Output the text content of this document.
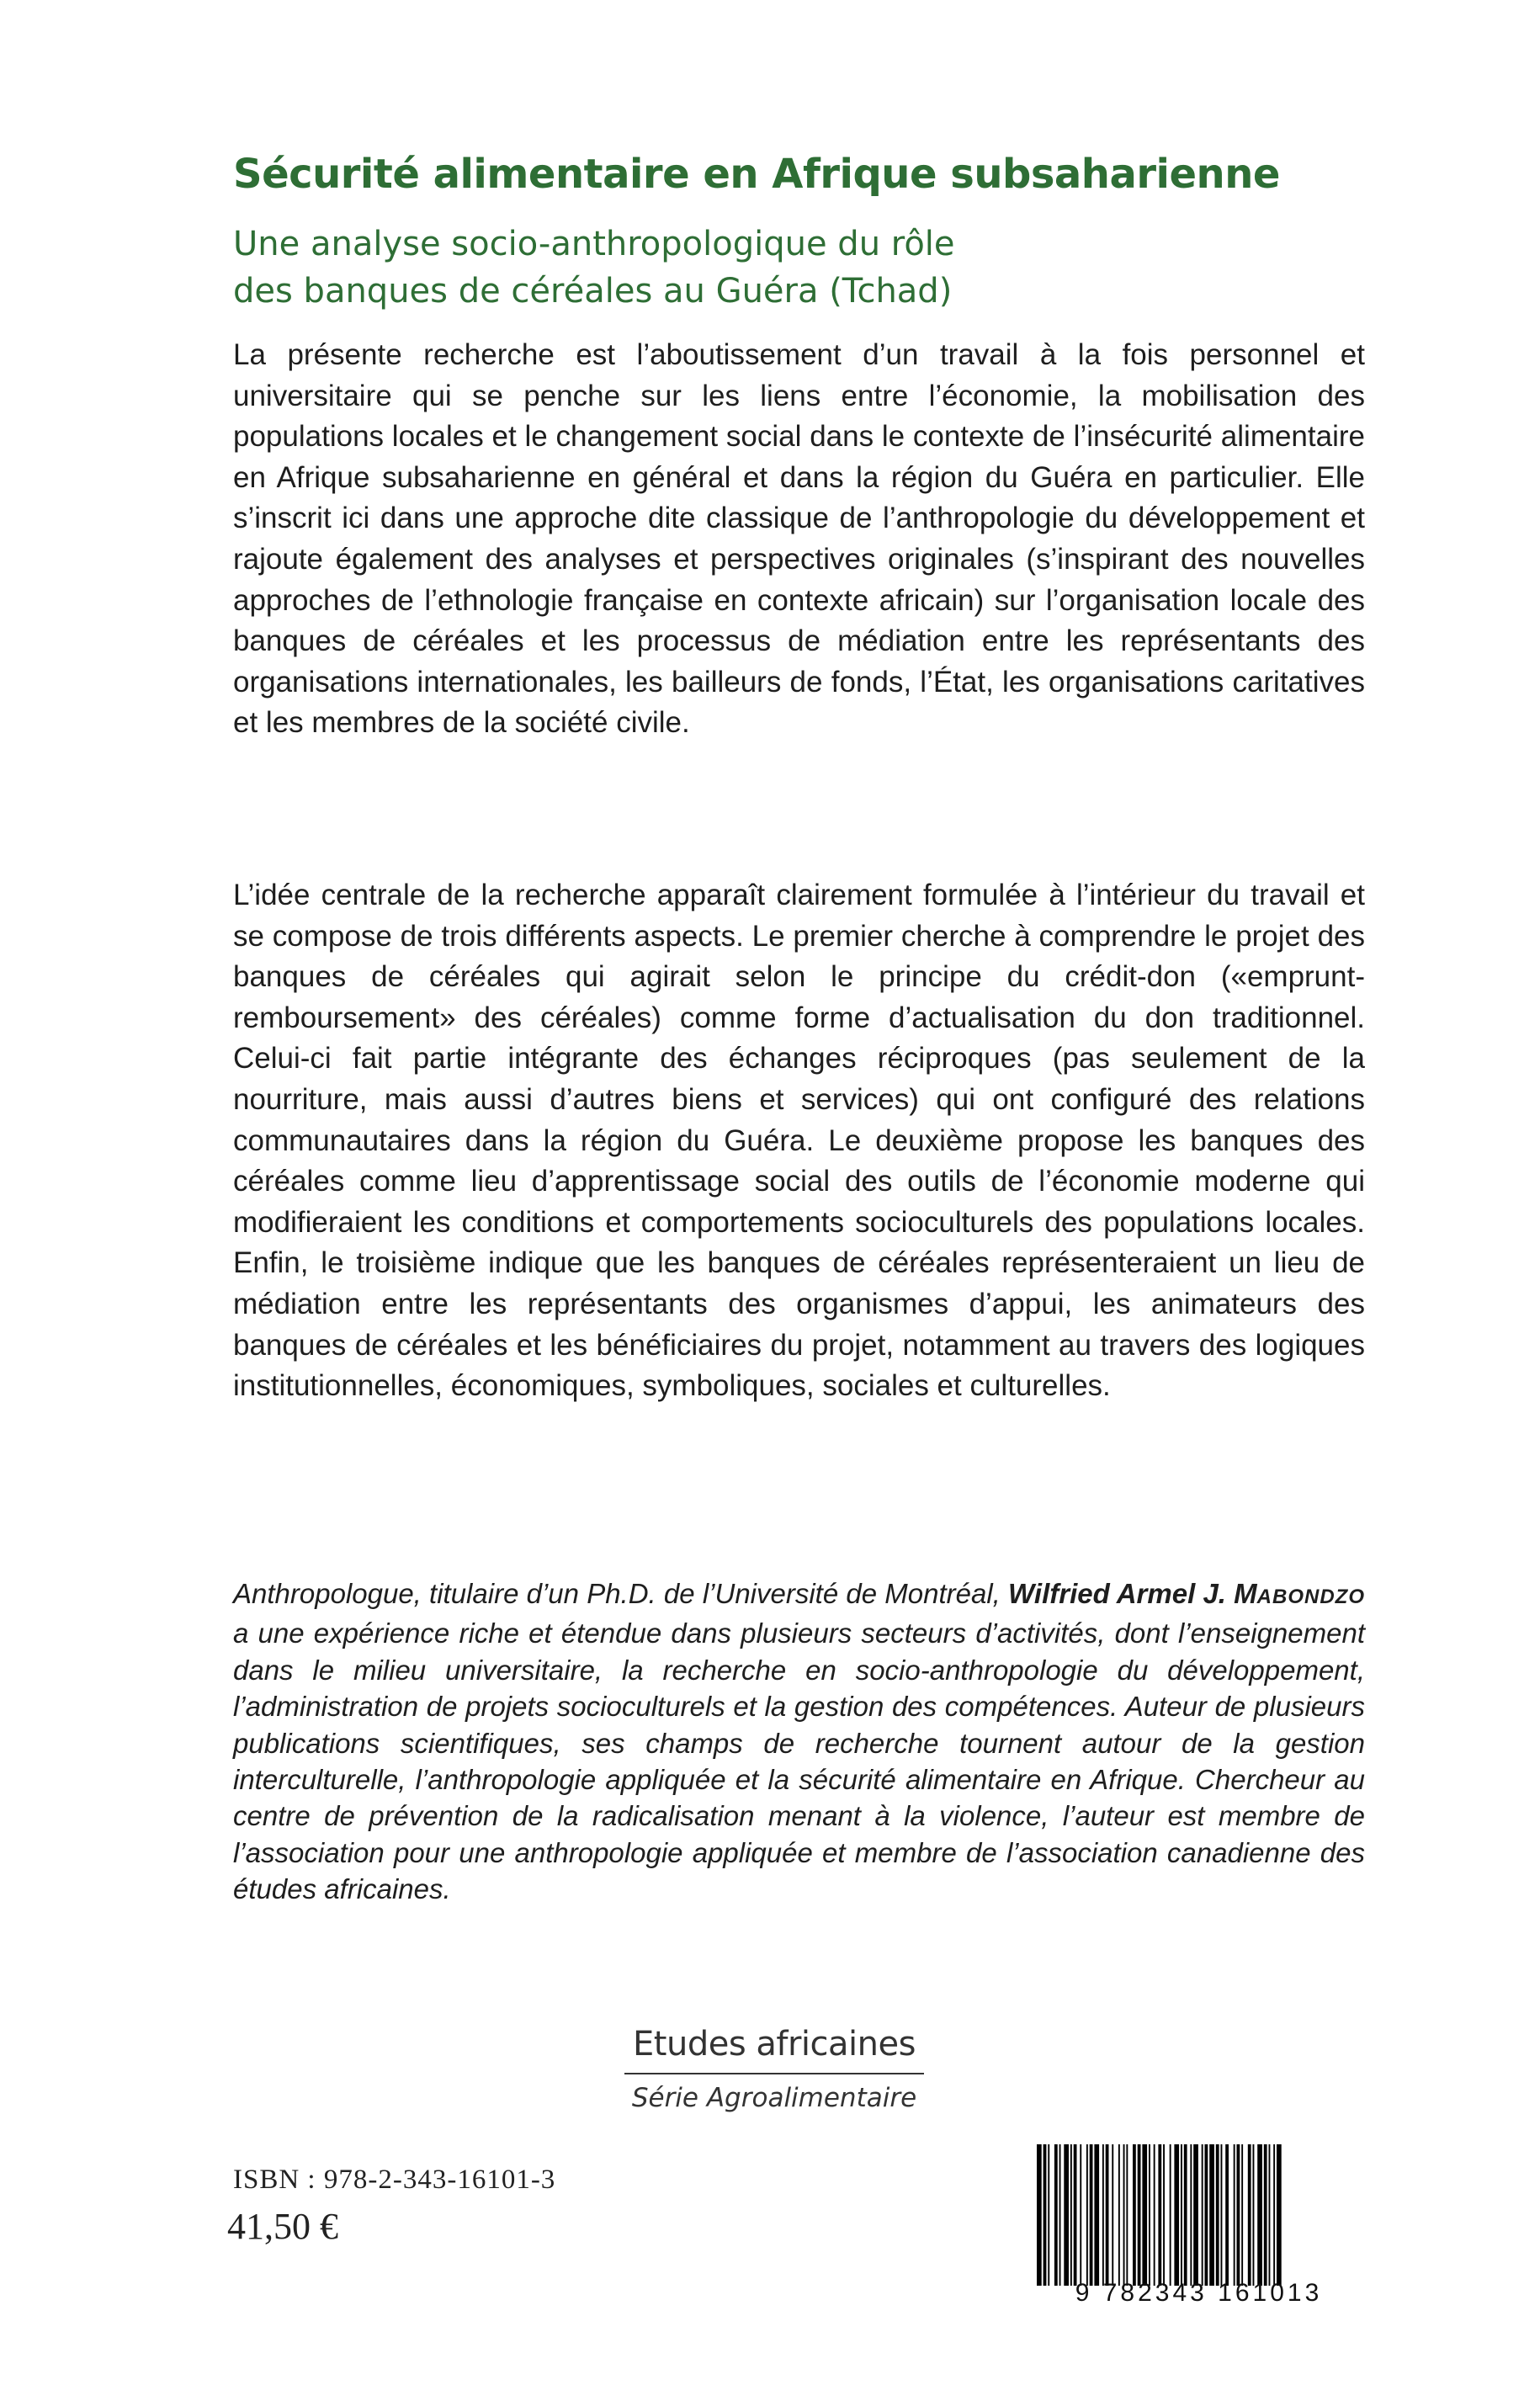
Sécurité alimentaire en Afrique subsaharienne
Une analyse socio-anthropologique du rôle
des banques de céréales au Guéra (Tchad)

La présente recherche est l’aboutissement d’un travail à la fois personnel et universitaire qui se penche sur les liens entre l’économie, la mobilisation des populations locales et le changement social dans le contexte de l’insécurité alimentaire en Afrique subsaharienne en général et dans la région du Guéra en particulier. Elle s’inscrit ici dans une approche dite classique de l’anthropologie du développement et rajoute également des analyses et perspectives originales (s’inspirant des nouvelles approches de l’ethnologie française en contexte africain) sur l’organisation locale des banques de céréales et les processus de médiation entre les représentants des organisations internationales, les bailleurs de fonds, l’État, les organisations caritatives et les membres de la société civile.

L’idée centrale de la recherche apparaît clairement formulée à l’intérieur du travail et se compose de trois différents aspects. Le premier cherche à comprendre le projet des banques de céréales qui agirait selon le principe du crédit-don («emprunt-remboursement» des céréales) comme forme d’actualisation du don traditionnel. Celui-ci fait partie intégrante des échanges réciproques (pas seulement de la nourriture, mais aussi d’autres biens et services) qui ont configuré des relations communautaires dans la région du Guéra. Le deuxième propose les banques des céréales comme lieu d’apprentissage social des outils de l’économie moderne qui modifieraient les conditions et comportements socioculturels des populations locales. Enfin, le troisième indique que les banques de céréales représenteraient un lieu de médiation entre les représentants des organismes d’appui, les animateurs des banques de céréales et les bénéficiaires du projet, notamment au travers des logiques institutionnelles, économiques, symboliques, sociales et culturelles.

Anthropologue, titulaire d’un Ph.D. de l’Université de Montréal, Wilfried Armel J. MABONDZO a une expérience riche et étendue dans plusieurs secteurs d’activités, dont l’enseignement dans le milieu universitaire, la recherche en socio-anthropologie du développement, l’administration de projets socioculturels et la gestion des compétences. Auteur de plusieurs publications scientifiques, ses champs de recherche tournent autour de la gestion interculturelle, l’anthropologie appliquée et la sécurité alimentaire en Afrique. Chercheur au centre de prévention de la radicalisation menant à la violence, l’auteur est membre de l’association pour une anthropologie appliquée et membre de l’association canadienne des études africaines.

Etudes africaines
Série Agroalimentaire

ISBN : 978-2-343-16101-3

41,50 €

9 782343 161013
